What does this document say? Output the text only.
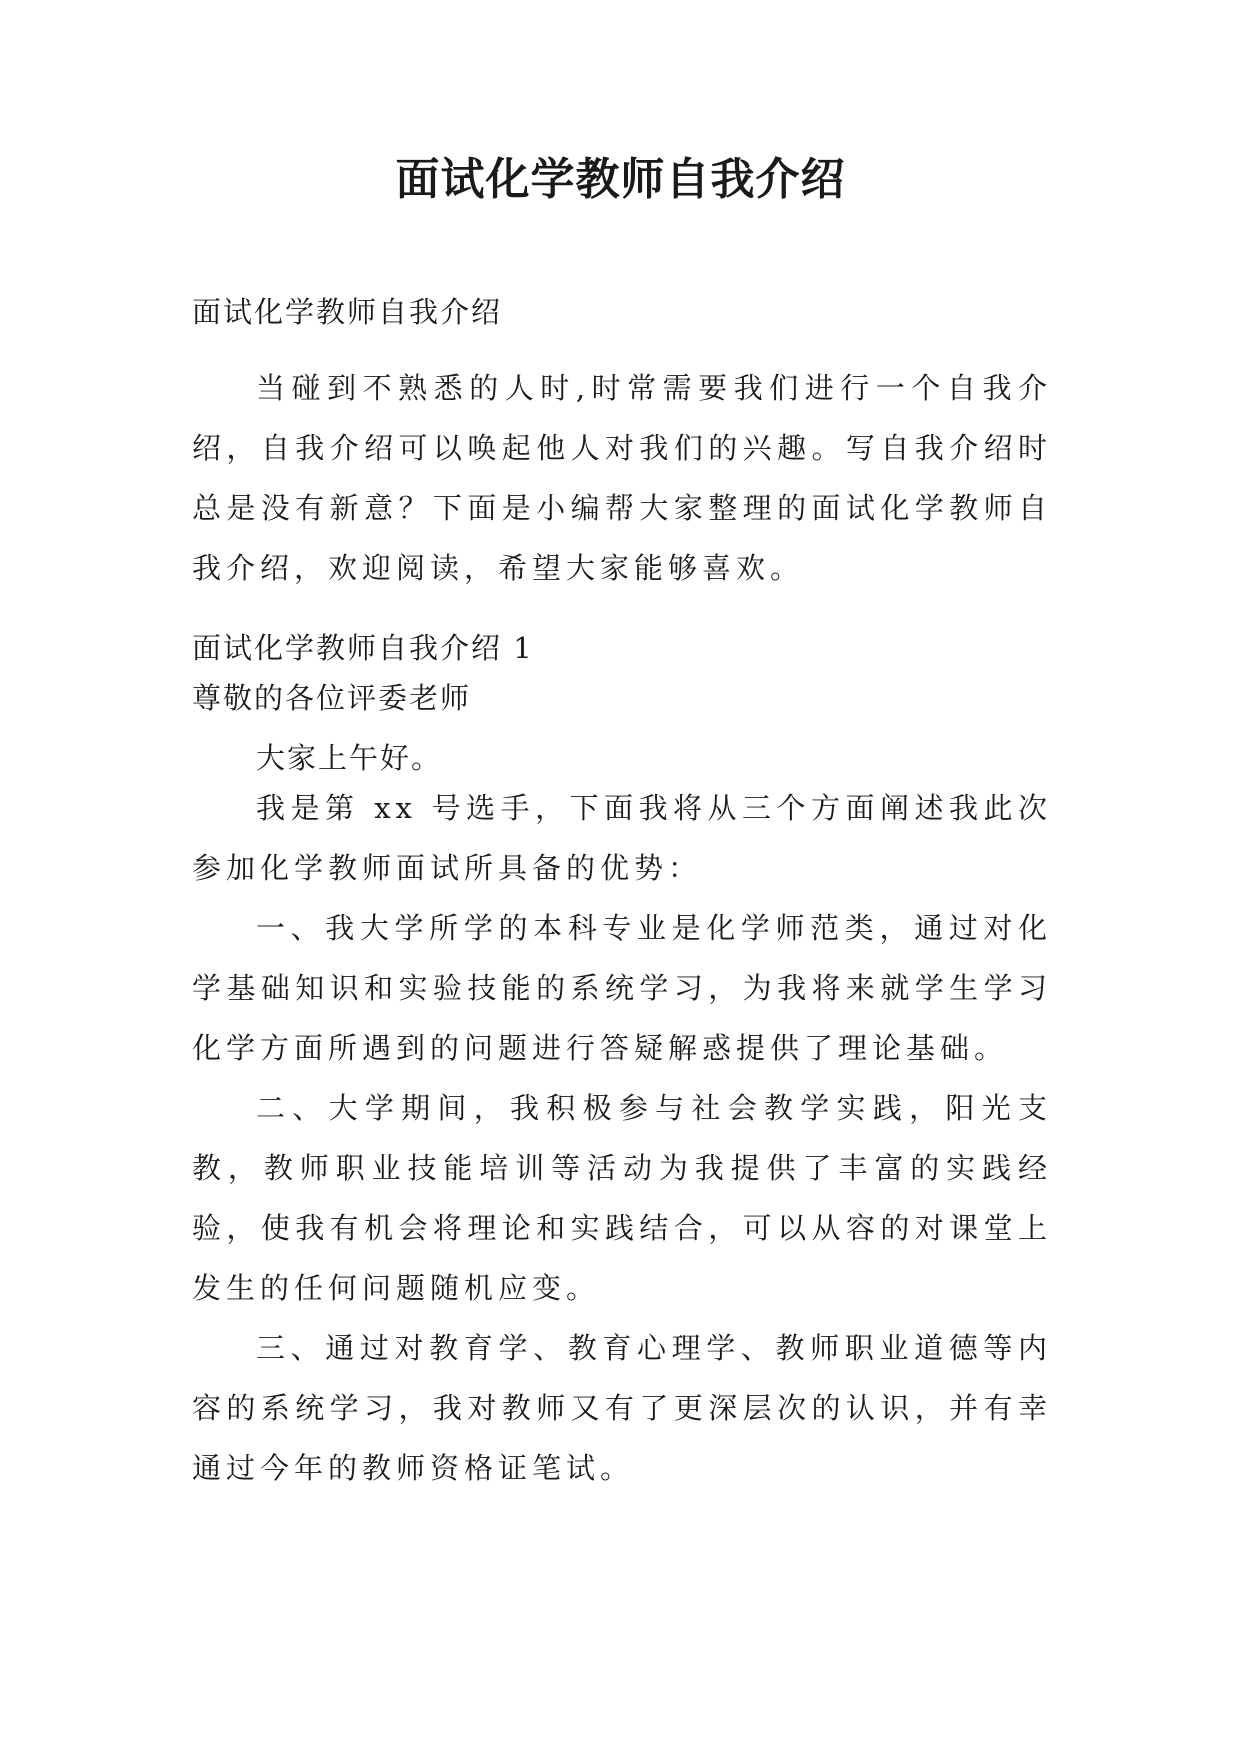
面试化学教师自我介绍

面试化学教师自我介绍

当碰到不熟悉的人时,时常需要我们进行一个自我介绍，自我介绍可以唤起他人对我们的兴趣。写自我介绍时总是没有新意？下面是小编帮大家整理的面试化学教师自我介绍，欢迎阅读，希望大家能够喜欢。

面试化学教师自我介绍 1

尊敬的各位评委老师

大家上午好。

我是第 xx 号选手，下面我将从三个方面阐述我此次参加化学教师面试所具备的优势：

一、我大学所学的本科专业是化学师范类，通过对化学基础知识和实验技能的系统学习，为我将来就学生学习化学方面所遇到的问题进行答疑解惑提供了理论基础。

二、大学期间，我积极参与社会教学实践，阳光支教，教师职业技能培训等活动为我提供了丰富的实践经验，使我有机会将理论和实践结合，可以从容的对课堂上发生的任何问题随机应变。

三、通过对教育学、教育心理学、教师职业道德等内容的系统学习，我对教师又有了更深层次的认识，并有幸通过今年的教师资格证笔试。
